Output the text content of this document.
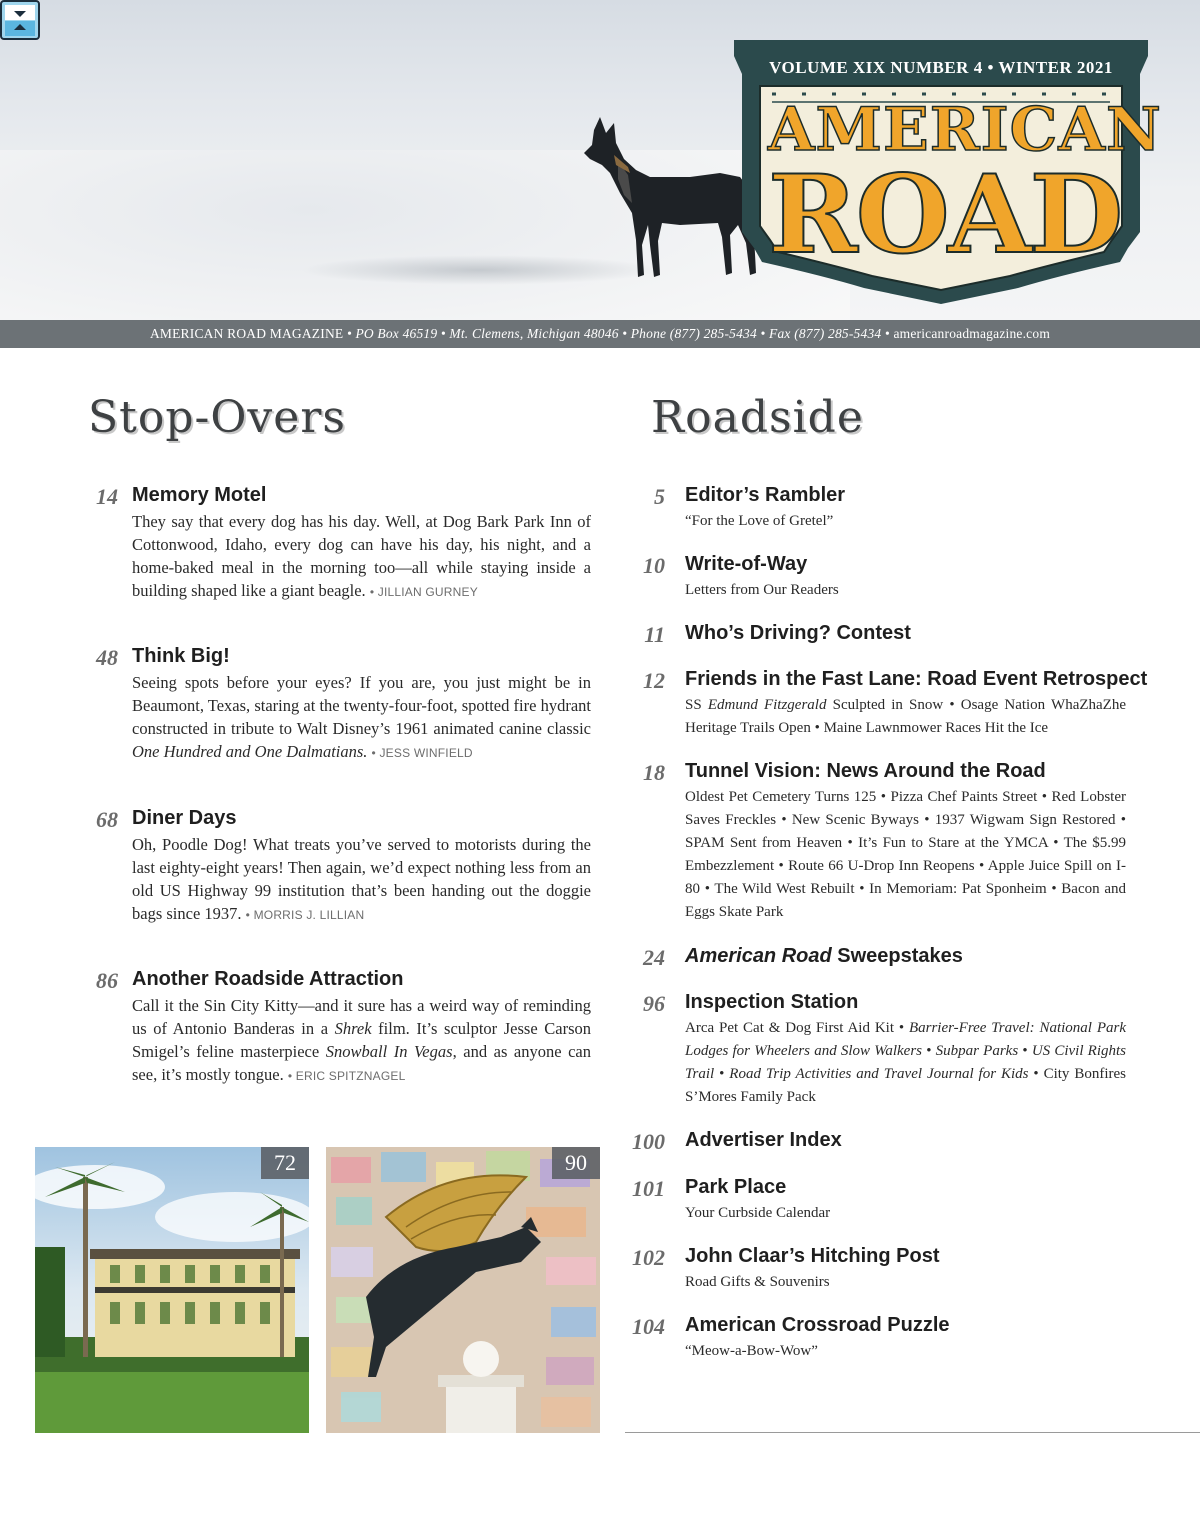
VOLUME XIX NUMBER 4 • WINTER 2021
AMERICAN
ROAD
AMERICAN ROAD MAGAZINE • PO Box 46519 • Mt. Clemens, Michigan 48046 • Phone (877) 285-5434 • Fax (877) 285-5434 • americanroadmagazine.com
Stop-Overs
14 Memory Motel
They say that every dog has his day. Well, at Dog Bark Park Inn of Cottonwood, Idaho, every dog can have his day, his night, and a home-baked meal in the morning too—all while staying inside a building shaped like a giant beagle. • JILLIAN GURNEY
48 Think Big!
Seeing spots before your eyes? If you are, you just might be in Beaumont, Texas, staring at the twenty-four-foot, spotted fire hydrant constructed in tribute to Walt Disney’s 1961 animated canine classic One Hundred and One Dalmatians. • JESS WINFIELD
68 Diner Days
Oh, Poodle Dog! What treats you’ve served to motorists during the last eighty-eight years! Then again, we’d expect nothing less from an old US Highway 99 institution that’s been handing out the doggie bags since 1937. • MORRIS J. LILLIAN
86 Another Roadside Attraction
Call it the Sin City Kitty—and it sure has a weird way of reminding us of Antonio Banderas in a Shrek film. It’s sculptor Jesse Carson Smigel’s feline masterpiece Snowball In Vegas, and as anyone can see, it’s mostly tongue. • ERIC SPITZNAGEL
72	90
Roadside
5 Editor’s Rambler
“For the Love of Gretel”
10 Write-of-Way
Letters from Our Readers
11 Who’s Driving? Contest
12 Friends in the Fast Lane: Road Event Retrospect
SS Edmund Fitzgerald Sculpted in Snow • Osage Nation WhaZhaZhe Heritage Trails Open • Maine Lawnmower Races Hit the Ice
18 Tunnel Vision: News Around the Road
Oldest Pet Cemetery Turns 125 • Pizza Chef Paints Street • Red Lobster Saves Freckles • New Scenic Byways • 1937 Wigwam Sign Restored • SPAM Sent from Heaven • It’s Fun to Stare at the YMCA • The $5.99 Embezzlement • Route 66 U-Drop Inn Reopens • Apple Juice Spill on I-80 • The Wild West Rebuilt • In Memoriam: Pat Sponheim • Bacon and Eggs Skate Park
24 American Road Sweepstakes
96 Inspection Station
Arca Pet Cat & Dog First Aid Kit • Barrier-Free Travel: National Park Lodges for Wheelers and Slow Walkers • Subpar Parks • US Civil Rights Trail • Road Trip Activities and Travel Journal for Kids • City Bonfires S’Mores Family Pack
100 Advertiser Index
101 Park Place
Your Curbside Calendar
102 John Claar’s Hitching Post
Road Gifts & Souvenirs
104 American Crossroad Puzzle
“Meow-a-Bow-Wow”
